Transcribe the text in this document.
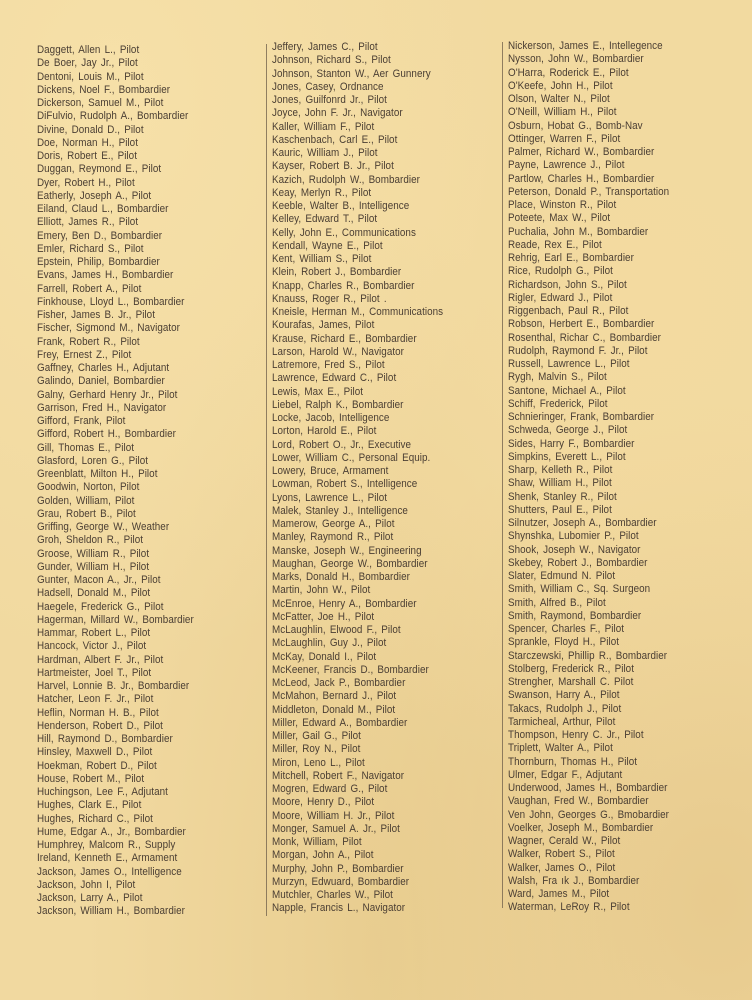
Daggett, Allen L., Pilot
De Boer, Jay Jr., Pilot
Dentoni, Louis M., Pilot
Dickens, Noel F., Bombardier
Dickerson, Samuel M., Pilot
DiFulvio, Rudolph A., Bombardier
Divine, Donald D., Pilot
Doe, Norman H., Pilot
Doris, Robert E., Pilot
Duggan, Reymond E., Pilot
Dyer, Robert H., Pilot
Eatherly, Joseph A., Pilot
Eiland, Claud L., Bombardier
Elliott, James R., Pilot
Emery, Ben D., Bombardier
Emler, Richard S., Pilot
Epstein, Philip, Bombardier
Evans, James H., Bombardier
Farrell, Robert A., Pilot
Finkhouse, Lloyd L., Bombardier
Fisher, James B. Jr., Pilot
Fischer, Sigmond M., Navigator
Frank, Robert R., Pilot
Frey, Ernest Z., Pilot
Gaffney, Charles H., Adjutant
Galindo, Daniel, Bombardier
Galny, Gerhard Henry Jr., Pilot
Garrison, Fred H., Navigator
Gifford, Frank, Pilot
Gifford, Robert H., Bombardier
Gill, Thomas E., Pilot
Glasford, Loren G., Pilot
Greenblatt, Milton H., Pilot
Goodwin, Norton, Pilot
Golden, William, Pilot
Grau, Robert B., Pilot
Griffing, George W., Weather
Groh, Sheldon R., Pilot
Groose, William R., Pilot
Gunder, William H., Pilot
Gunter, Macon A., Jr., Pilot
Hadsell, Donald M., Pilot
Haegele, Frederick G., Pilot
Hagerman, Millard W., Bombardier
Hammar, Robert L., Pilot
Hancock, Victor J., Pilot
Hardman, Albert F. Jr., Pilot
Hartmeister, Joel T., Pilot
Harvel, Lonnie B. Jr., Bombardier
Hatcher, Leon F. Jr., Pilot
Heflin, Norman H. B., Pilot
Henderson, Robert D., Pilot
Hill, Raymond D., Bombardier
Hinsley, Maxwell D., Pilot
Hoekman, Robert D., Pilot
House, Robert M., Pilot
Huchingson, Lee F., Adjutant
Hughes, Clark E., Pilot
Hughes, Richard C., Pilot
Hume, Edgar A., Jr., Bombardier
Humphrey, Malcom R., Supply
Ireland, Kenneth E., Armament
Jackson, James O., Intelligence
Jackson, John I, Pilot
Jackson, Larry A., Pilot
Jackson, William H., Bombardier
Jeffery, James C., Pilot
Johnson, Richard S., Pilot
Johnson, Stanton W., Aer Gunnery
Jones, Casey, Ordnance
Jones, Guilfonrd Jr., Pilot
Joyce, John F. Jr., Navigator
Kaller, William F., Pilot
Kaschenbach, Carl E., Pilot
Kauric, William J., Pilot
Kayser, Robert B. Jr., Pilot
Kazich, Rudolph W., Bombardier
Keay, Merlyn R., Pilot
Keeble, Walter B., Intelligence
Kelley, Edward T., Pilot
Kelly, John E., Communications
Kendall, Wayne E., Pilot
Kent, William S., Pilot
Klein, Robert J., Bombardier
Knapp, Charles R., Bombardier
Knauss, Roger R., Pilot .
Kneisle, Herman M., Communications
Kourafas, James, Pilot
Krause, Richard E., Bombardier
Larson, Harold W., Navigator
Latremore, Fred S., Pilot
Lawrence, Edward C., Pilot
Lewis, Max E., Pilot
Liebel, Ralph K., Bombardier
Locke, Jacob, Intelligence
Lorton, Harold E., Pilot
Lord, Robert O., Jr., Executive
Lower, William C., Personal Equip.
Lowery, Bruce, Armament
Lowman, Robert S., Intelligence
Lyons, Lawrence L., Pilot
Malek, Stanley J., Intelligence
Mamerow, George A., Pilot
Manley, Raymond R., Pilot
Manske, Joseph W., Engineering
Maughan, George W., Bombardier
Marks, Donald H., Bombardier
Martin, John W., Pilot
McEnroe, Henry A., Bombardier
McFatter, Joe H., Pilot
McLaughlin, Elwood F., Pilot
McLaughlin, Guy J., Pilot
McKay, Donald I., Pilot
McKeener, Francis D., Bombardier
McLeod, Jack P., Bombardier
McMahon, Bernard J., Pilot
Middleton, Donald M., Pilot
Miller, Edward A., Bombardier
Miller, Gail G., Pilot
Miller, Roy N., Pilot
Miron, Leno L., Pilot
Mitchell, Robert F., Navigator
Mogren, Edward G., Pilot
Moore, Henry D., Pilot
Moore, William H. Jr., Pilot
Monger, Samuel A. Jr., Pilot
Monk, William, Pilot
Morgan, John A., Pilot
Murphy, John P., Bombardier
Murzyn, Edwuard, Bombardier
Mutchler, Charles W., Pilot
Napple, Francis L., Navigator
Nickerson, James E., Intellegence
Nysson, John W., Bombardier
O'Harra, Roderick E., Pilot
O'Keefe, John H., Pilot
Olson, Walter N., Pilot
O'Neill, William H., Pilot
Osburn, Hobat G., Bomb-Nav
Ottinger, Warren F., Pilot
Palmer, Richard W., Bombardier
Payne, Lawrence J., Pilot
Partlow, Charles H., Bombardier
Peterson, Donald P., Transportation
Place, Winston R., Pilot
Poteete, Max W., Pilot
Puchalia, John M., Bombardier
Reade, Rex E., Pilot
Rehrig, Earl E., Bombardier
Rice, Rudolph G., Pilot
Richardson, John S., Pilot
Rigler, Edward J., Pilot
Riggenbach, Paul R., Pilot
Robson, Herbert E., Bombardier
Rosenthal, Richar C., Bombardier
Rudolph, Raymond F. Jr., Pilot
Russell, Lawrence L., Pilot
Rygh, Malvin S., Pilot
Santone, Michael A., Pilot
Schiff, Frederick, Pilot
Schnieringer, Frank, Bombardier
Schweda, George J., Pilot
Sides, Harry F., Bombardier
Simpkins, Everett L., Pilot
Sharp, Kelleth R., Pilot
Shaw, William H., Pilot
Shenk, Stanley R., Pilot
Shutters, Paul E., Pilot
Silnutzer, Joseph A., Bombardier
Shynshka, Lubomier P., Pilot
Shook, Joseph W., Navigator
Skebey, Robert J., Bombardier
Slater, Edmund N. Pilot
Smith, William C., Sq. Surgeon
Smith, Alfred B., Pilot
Smith, Raymond, Bombardier
Spencer, Charles F., Pilot
Sprankle, Floyd H., Pilot
Starczewski, Phillip R., Bombardier
Stolberg, Frederick R., Pilot
Strengher, Marshall C. Pilot
Swanson, Harry A., Pilot
Takacs, Rudolph J., Pilot
Tarmicheal, Arthur, Pilot
Thompson, Henry C. Jr., Pilot
Triplett, Walter A., Pilot
Thornburn, Thomas H., Pilot
Ulmer, Edgar F., Adjutant
Underwood, James H., Bombardier
Vaughan, Fred W., Bombardier
Ven John, Georges G., Bmobardier
Voelker, Joseph M., Bombardier
Wagner, Cerald W., Pilot
Walker, Robert S., Pilot
Walker, James O., Pilot
Walsh, Fra ık J., Bombardier
Ward, James M., Pilot
Waterman, LeRoy R., Pilot
